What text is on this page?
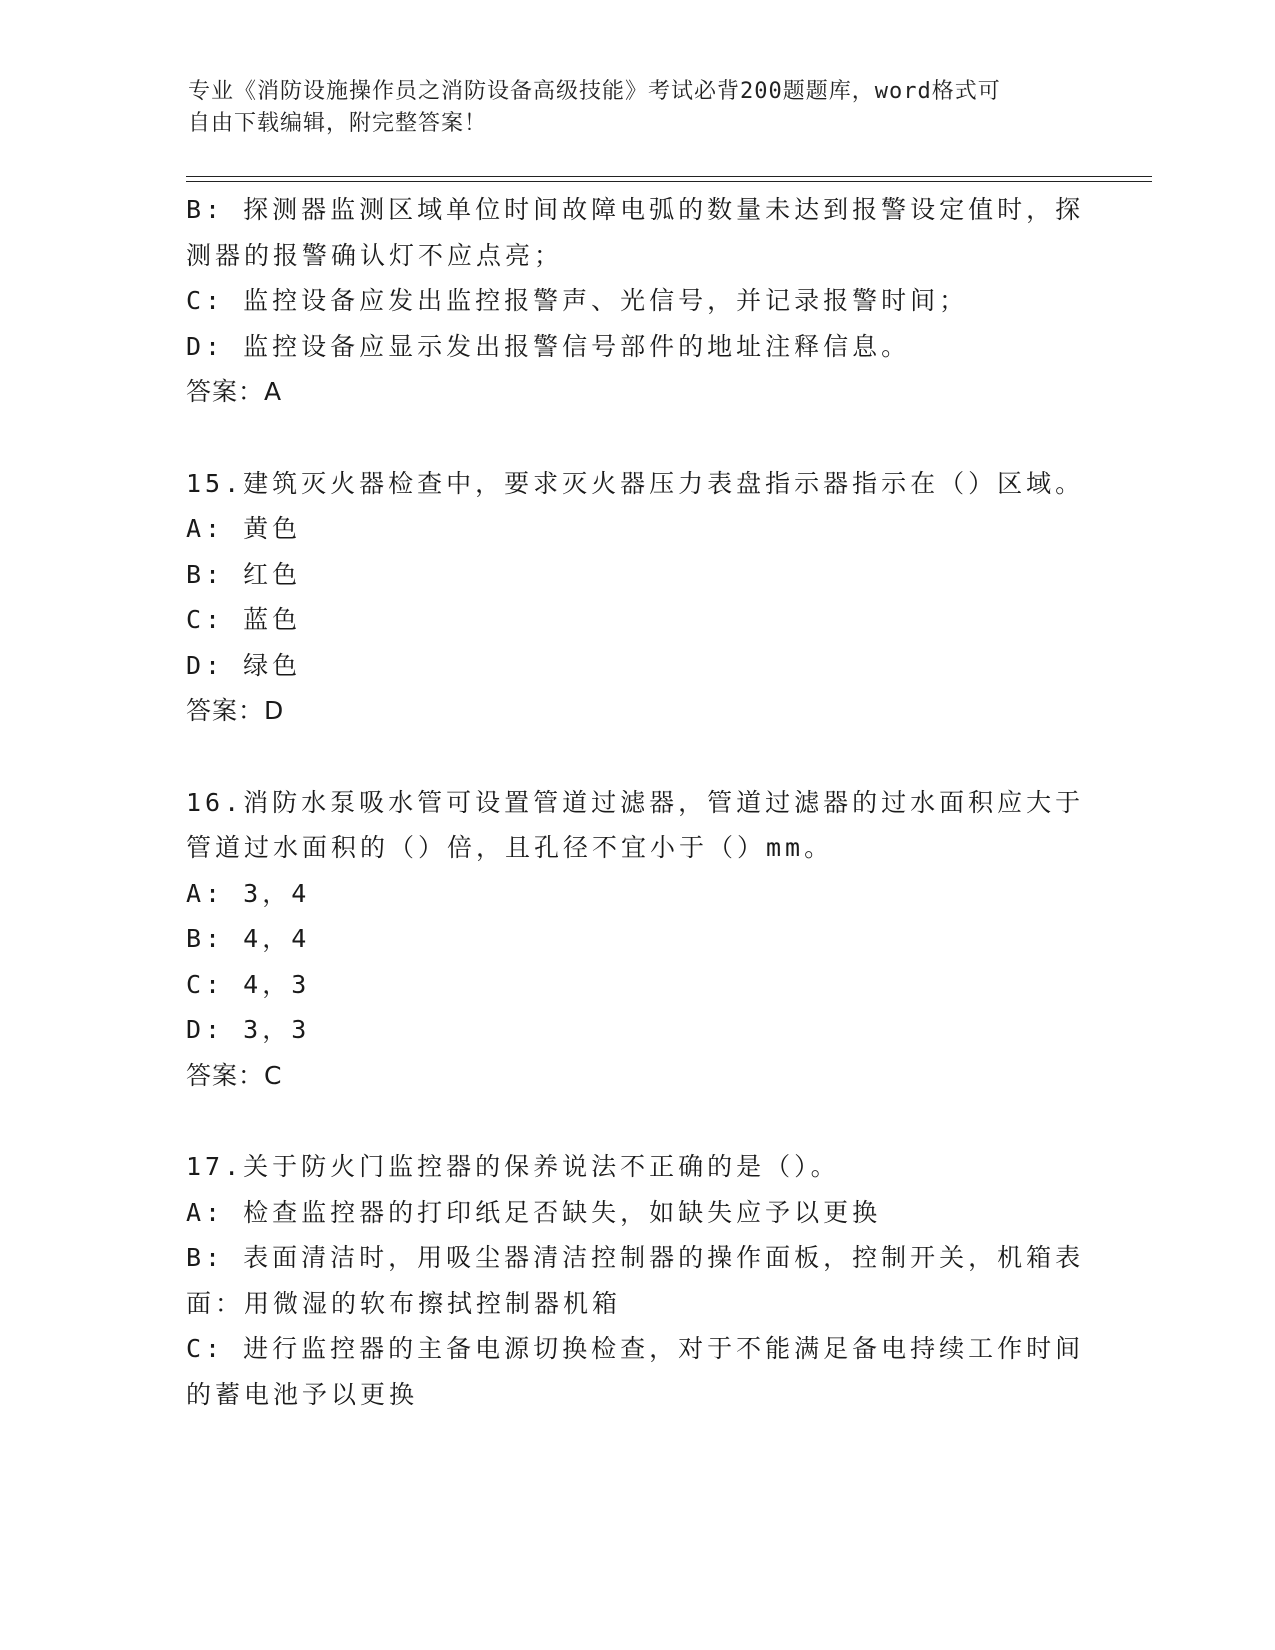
专业《消防设施操作员之消防设备高级技能》考试必背200题题库，word格式可
自由下载编辑，附完整答案！

B: 探测器监测区域单位时间故障电弧的数量未达到报警设定值时，探

测器的报警确认灯不应点亮；

C: 监控设备应发出监控报警声、光信号，并记录报警时间；

D: 监控设备应显示发出报警信号部件的地址注释信息。

答案：A

15.建筑灭火器检查中，要求灭火器压力表盘指示器指示在（）区域。

A: 黄色

B: 红色

C: 蓝色

D: 绿色

答案：D

16.消防水泵吸水管可设置管道过滤器，管道过滤器的过水面积应大于

管道过水面积的（）倍，且孔径不宜小于（）mm。

A: 3，4

B: 4，4

C: 4，3

D: 3，3

答案：C

17.关于防火门监控器的保养说法不正确的是（）。

A: 检查监控器的打印纸足否缺失，如缺失应予以更换

B: 表面清洁时，用吸尘器清洁控制器的操作面板，控制开关，机箱表

面：用微湿的软布擦拭控制器机箱

C: 进行监控器的主备电源切换检查，对于不能满足备电持续工作时间

的蓄电池予以更换
